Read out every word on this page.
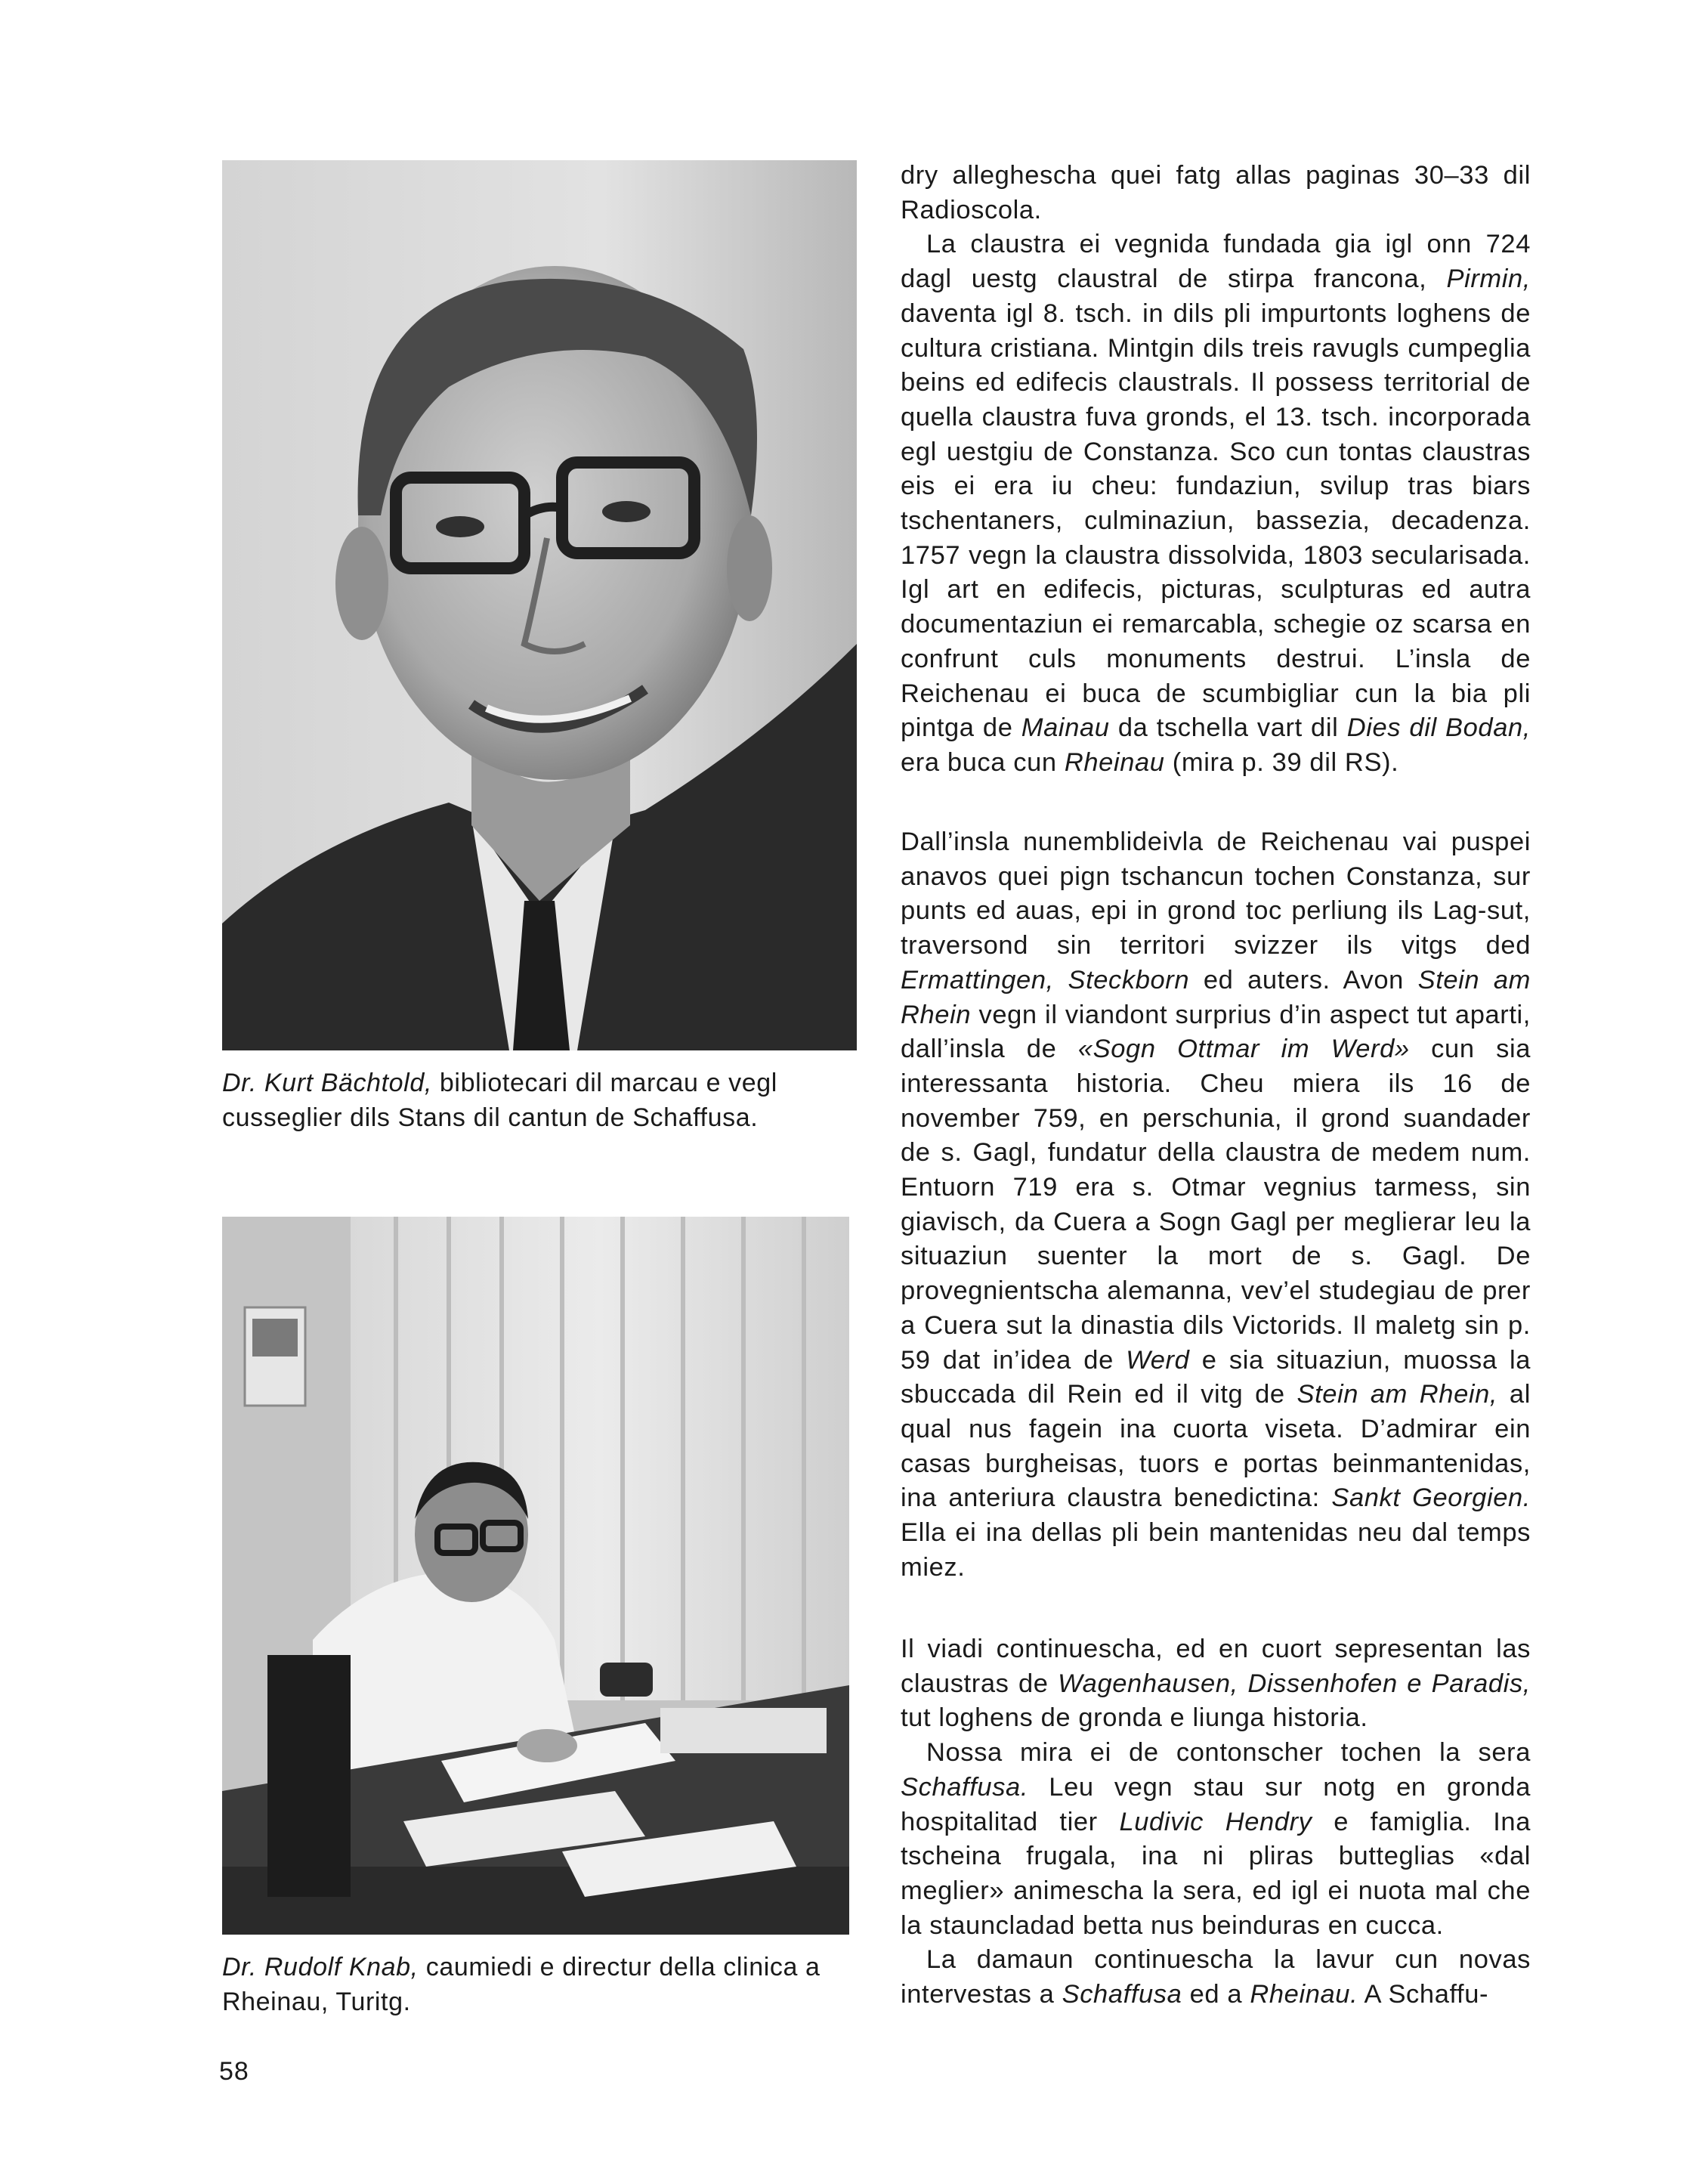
Dr. Kurt Bächtold, bibliotecari dil marcau e vegl cusseglier dils Stans dil cantun de Schaffusa.
Dr. Rudolf Knab, caumiedi e directur della clinica a Rheinau, Turitg.

dry alleghescha quei fatg allas paginas 30–33 dil Radioscola.

La claustra ei vegnida fundada gia igl onn 724 dagl uestg claustral de stirpa francona, Pirmin, daventa igl 8. tsch. in dils pli impurtonts loghens de cultura cristiana. Mintgin dils treis ravugls cumpeglia beins ed edifecis claustrals. Il possess territorial de quella claustra fuva gronds, el 13. tsch. incorporada egl uestgiu de Constanza. Sco cun tontas claustras eis ei era iu cheu: fundaziun, svilup tras biars tschentaners, culminaziun, bassezia, decadenza. 1757 vegn la claustra dissolvida, 1803 secularisada. Igl art en edifecis, picturas, sculpturas ed autra documentaziun ei remarcabla, schegie oz scarsa en confrunt culs monuments destrui. L’insla de Reichenau ei buca de scumbigliar cun la bia pli pintga de Mainau da tschella vart dil Dies dil Bodan, era buca cun Rheinau (mira p. 39 dil RS).

Dall’insla nunemblideivla de Reichenau vai puspei anavos quei pign tschancun tochen Constanza, sur punts ed auas, epi in grond toc perliung ils Lag-sut, traversond sin territori svizzer ils vitgs ded Ermattingen, Steckborn ed auters. Avon Stein am Rhein vegn il viandont surprius d’in aspect tut aparti, dall’insla de «Sogn Ottmar im Werd» cun sia interessanta historia. Cheu miera ils 16 de november 759, en perschunia, il grond suandader de s. Gagl, fundatur della claustra de medem num. Entuorn 719 era s. Otmar vegnius tarmess, sin giavisch, da Cuera a Sogn Gagl per meglierar leu la situaziun suenter la mort de s. Gagl. De provegnientscha alemanna, vev’el studegiau de prer a Cuera sut la dinastia dils Victorids. Il maletg sin p. 59 dat in’idea de Werd e sia situaziun, muossa la sbuccada dil Rein ed il vitg de Stein am Rhein, al qual nus fagein ina cuorta viseta. D’admirar ein casas burgheisas, tuors e portas beinmantenidas, ina anteriura claustra benedictina: Sankt Georgien. Ella ei ina dellas pli bein mantenidas neu dal temps miez.

Il viadi continuescha, ed en cuort sepresentan las claustras de Wagenhausen, Dissenhofen e Paradis, tut loghens de gronda e liunga historia.

Nossa mira ei de contonscher tochen la sera Schaffusa. Leu vegn stau sur notg en gronda hospitalitad tier Ludivic Hendry e famiglia. Ina tscheina frugala, ina ni pliras butteglias «dal meglier» animescha la sera, ed igl ei nuota mal che la stauncladad betta nus beinduras en cucca.

La damaun continuescha la lavur cun novas intervestas a Schaffusa ed a Rheinau. A Schaffu-

58
